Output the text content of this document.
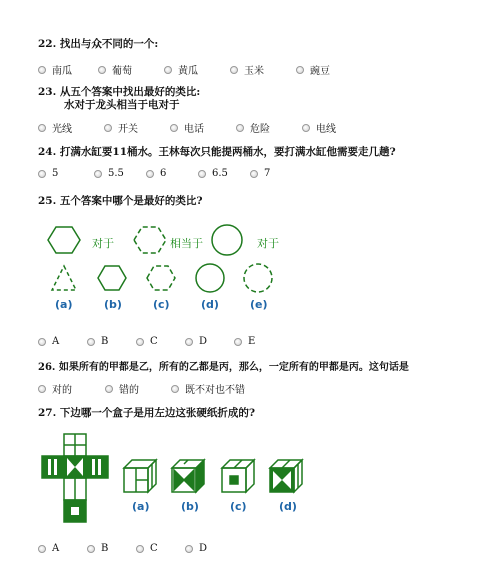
22. 找出与众不同的一个:
南瓜	葡萄	黄瓜	玉米	豌豆
23. 从五个答案中找出最好的类比:
水对于龙头相当于电对于
光线	开关	电话	危险	电线
24. 打满水缸要11桶水。王林每次只能提两桶水，要打满水缸他需要走几趟?
5	5.5	6	6.5	7
25. 五个答案中哪个是最好的类比?
对于	相当于	对于
(a)	(b)	(c)	(d)	(e)
A	B	C	D	E
26. 如果所有的甲都是乙，所有的乙都是丙，那么，一定所有的甲都是丙。这句话是
对的	错的	既不对也不错
27. 下边哪一个盒子是用左边这张硬纸折成的?
(a)	(b)	(c)	(d)
A	B	C	D
